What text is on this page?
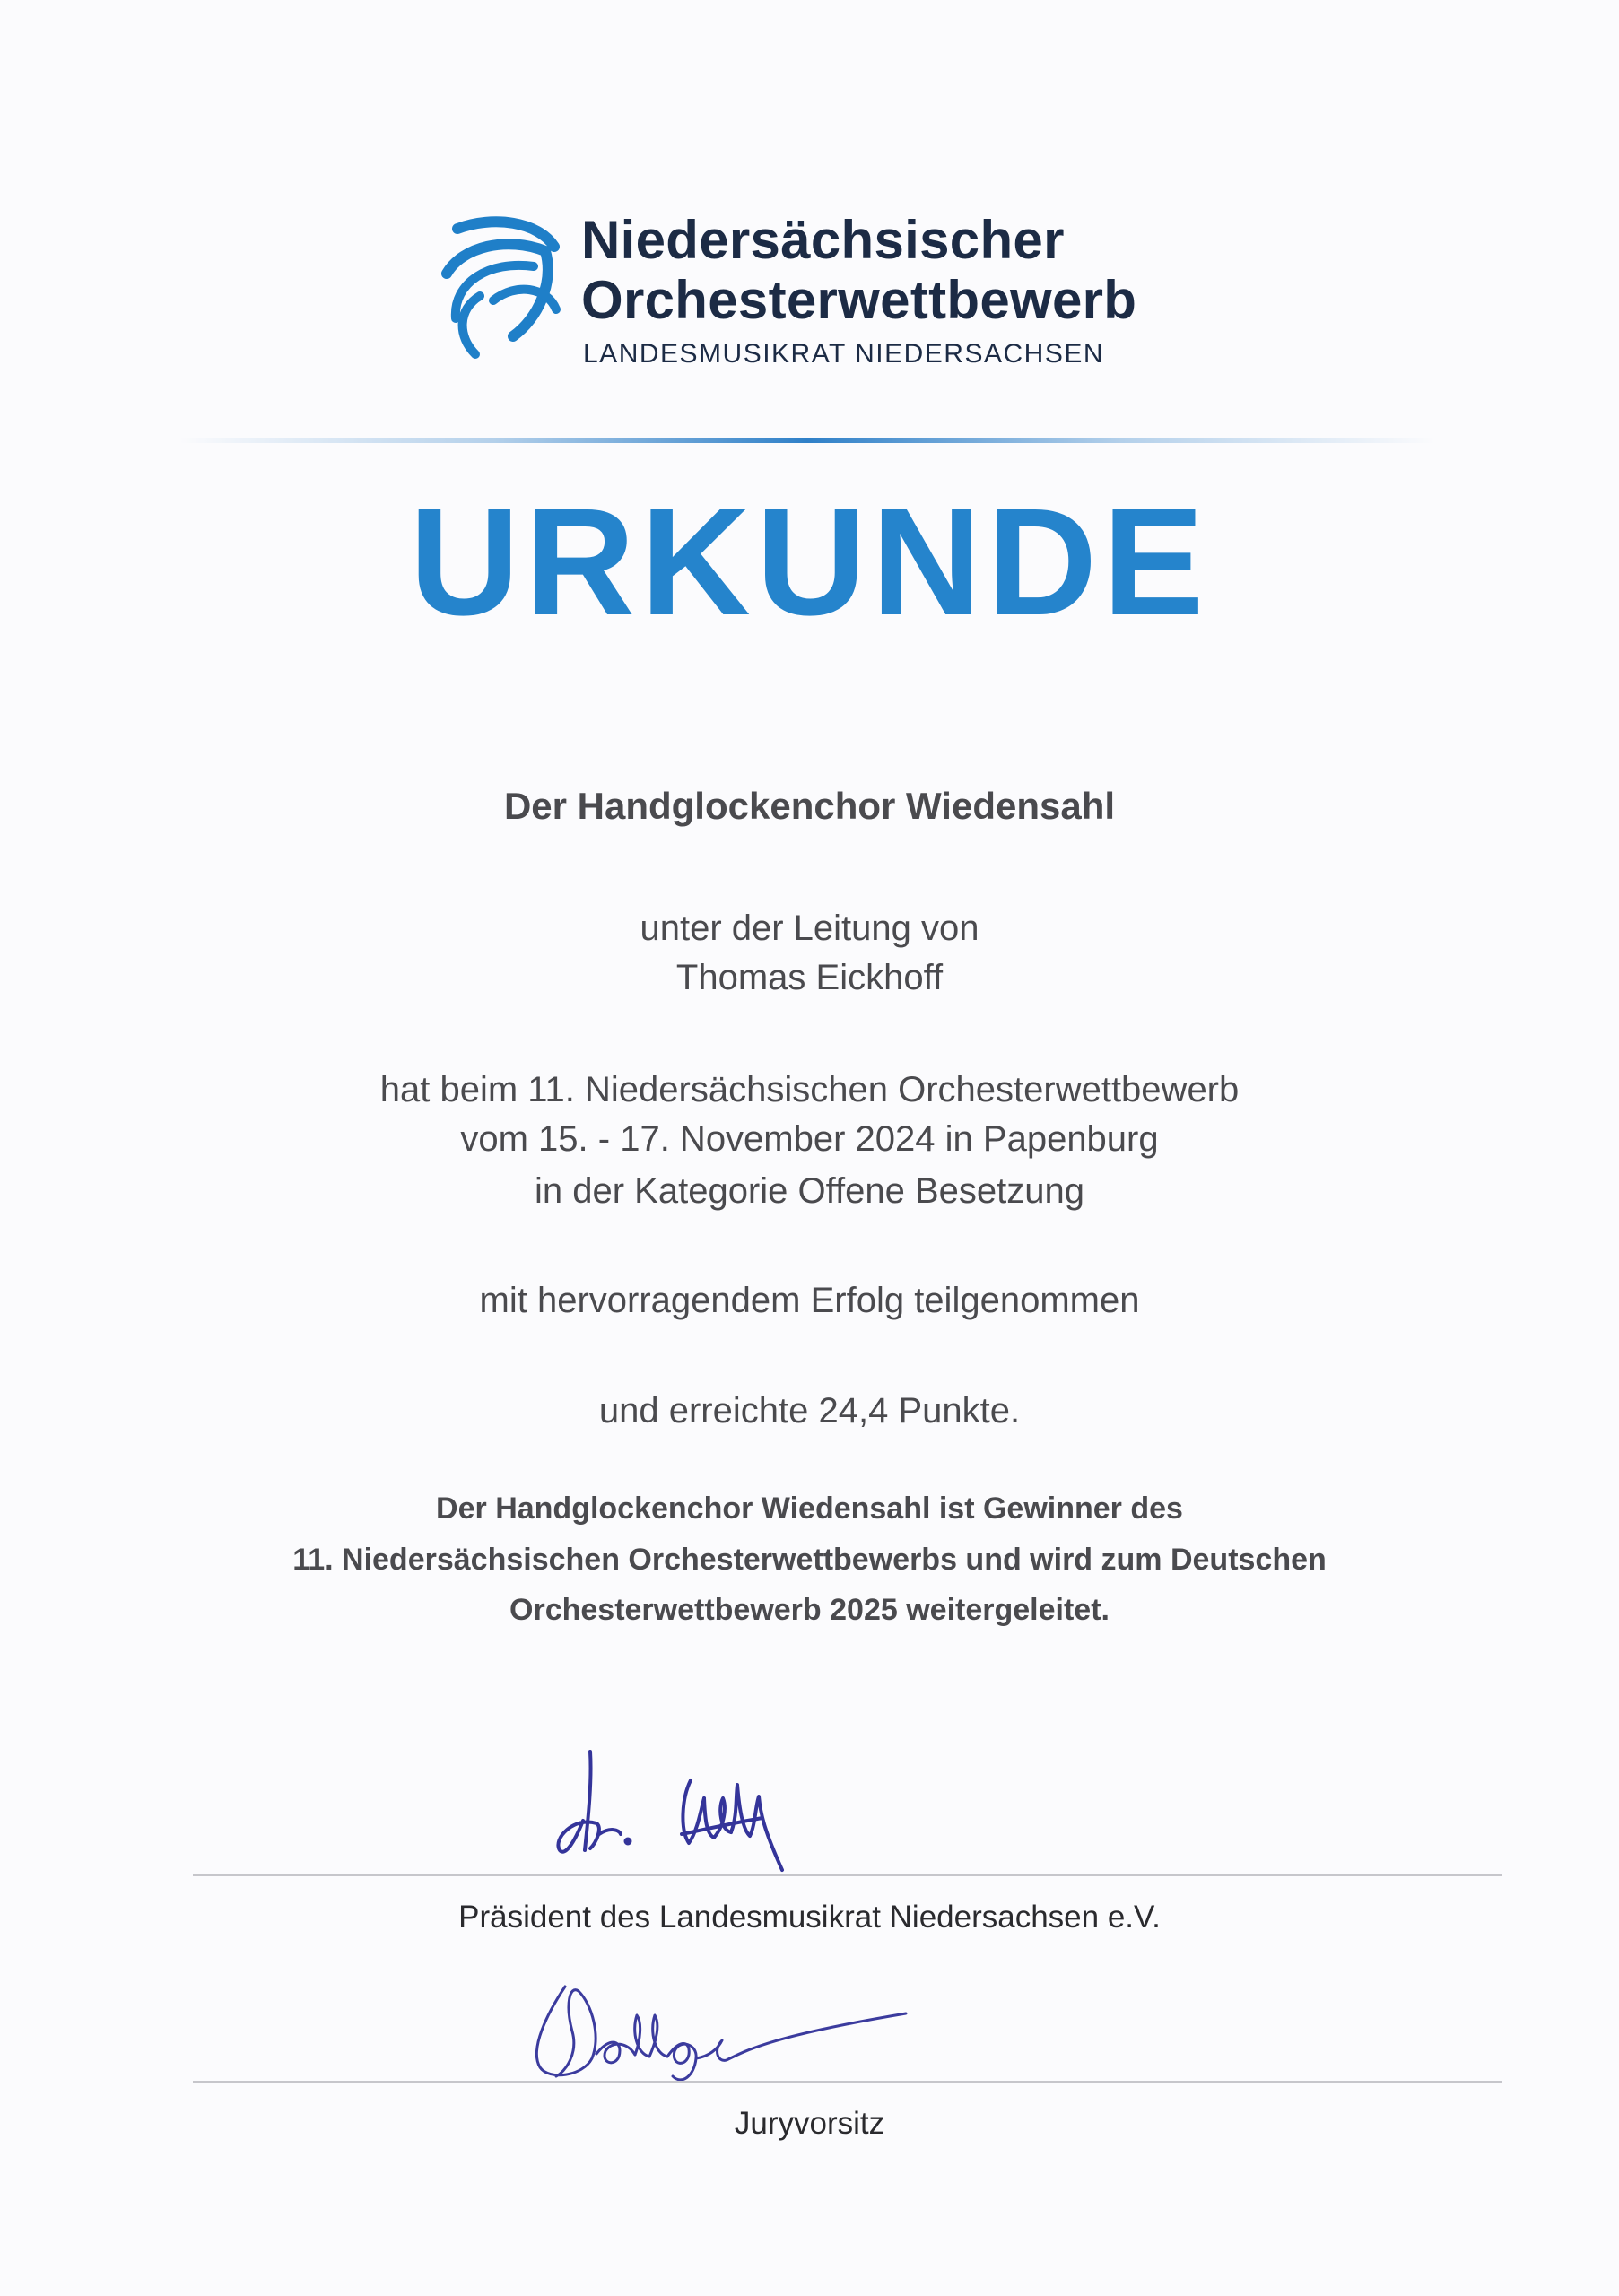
Niedersächsischer
Orchesterwettbewerb
LANDESMUSIKRAT NIEDERSACHSEN
URKUNDE
Der Handglockenchor Wiedensahl
unter der Leitung von
Thomas Eickhoff
hat beim 11. Niedersächsischen Orchesterwettbewerb
vom 15. - 17. November 2024 in Papenburg
in der Kategorie Offene Besetzung
mit hervorragendem Erfolg teilgenommen
und erreichte 24,4 Punkte.
Der Handglockenchor Wiedensahl ist Gewinner des
11. Niedersächsischen Orchesterwettbewerbs und wird zum Deutschen
Orchesterwettbewerb 2025 weitergeleitet.
Präsident des Landesmusikrat Niedersachsen e.V.
Juryvorsitz
